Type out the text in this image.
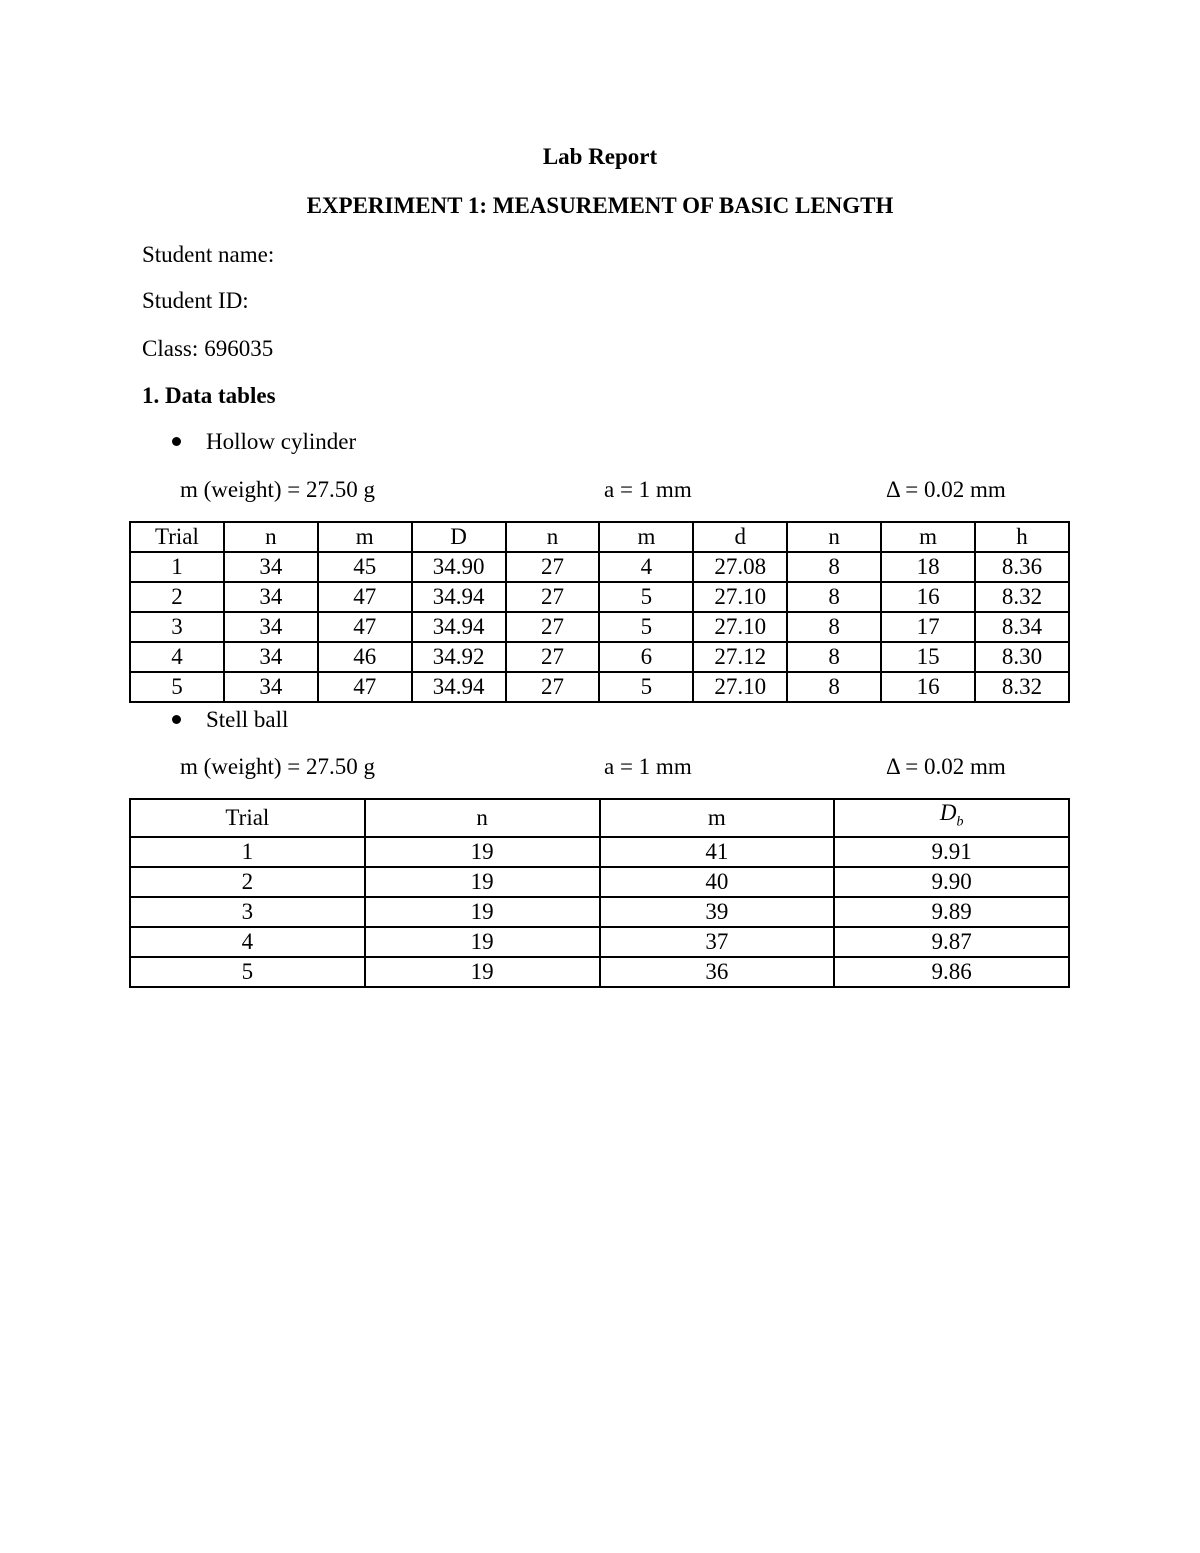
Lab Report
EXPERIMENT 1: MEASUREMENT OF BASIC LENGTH
Student name:
Student ID:
Class: 696035
1. Data tables
Hollow cylinder
m (weight) = 27.50 g	a = 1 mm	Δ = 0.02 mm
Trial	n	m	D	n	m	d	n	m	h
1	34	45	34.90	27	4	27.08	8	18	8.36
2	34	47	34.94	27	5	27.10	8	16	8.32
3	34	47	34.94	27	5	27.10	8	17	8.34
4	34	46	34.92	27	6	27.12	8	15	8.30
5	34	47	34.94	27	5	27.10	8	16	8.32
Stell ball
m (weight) = 27.50 g	a = 1 mm	Δ = 0.02 mm
Trial	n	m	$D_b$
1	19	41	9.91
2	19	40	9.90
3	19	39	9.89
4	19	37	9.87
5	19	36	9.86
